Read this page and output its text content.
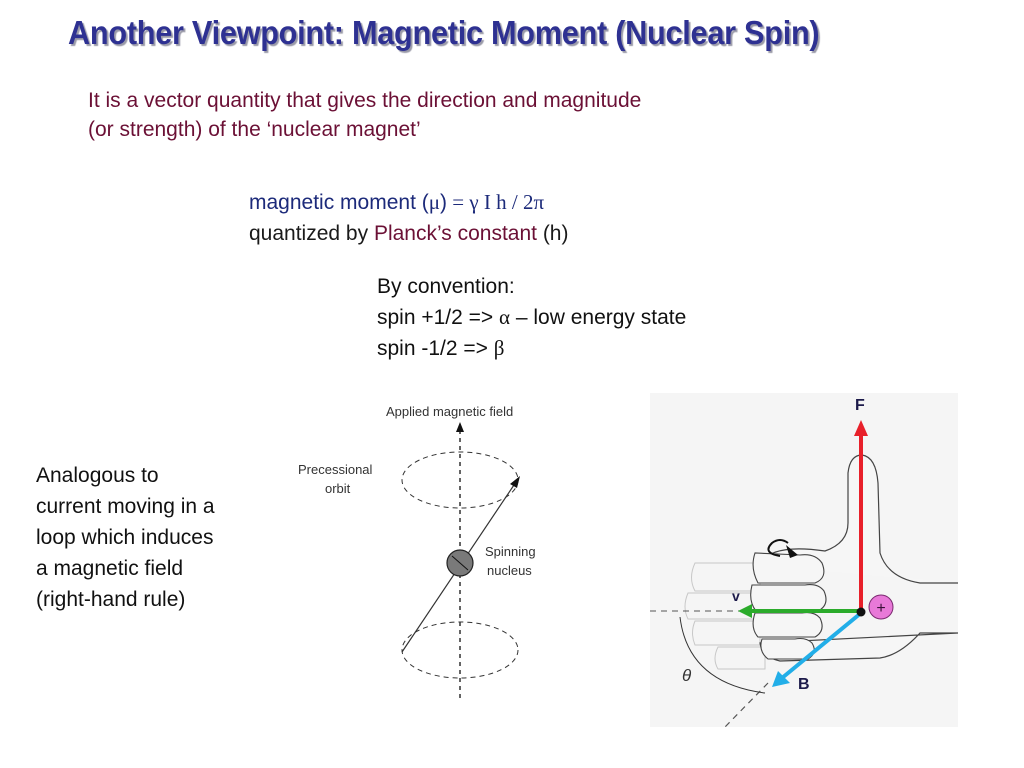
Another Viewpoint: Magnetic Moment (Nuclear Spin)
It is a vector quantity that gives the direction and magnitude
(or strength) of the ‘nuclear magnet’
magnetic moment (μ) = γ I h / 2π
quantized by Planck’s constant (h)
By convention:
spin +1/2 => α – low energy state
spin -1/2 => β
Analogous to
current moving in a
loop which induces
a magnetic field
(right-hand rule)
Applied magnetic field
Precessional
orbit
Spinning
nucleus
+
F
v
B
θ
